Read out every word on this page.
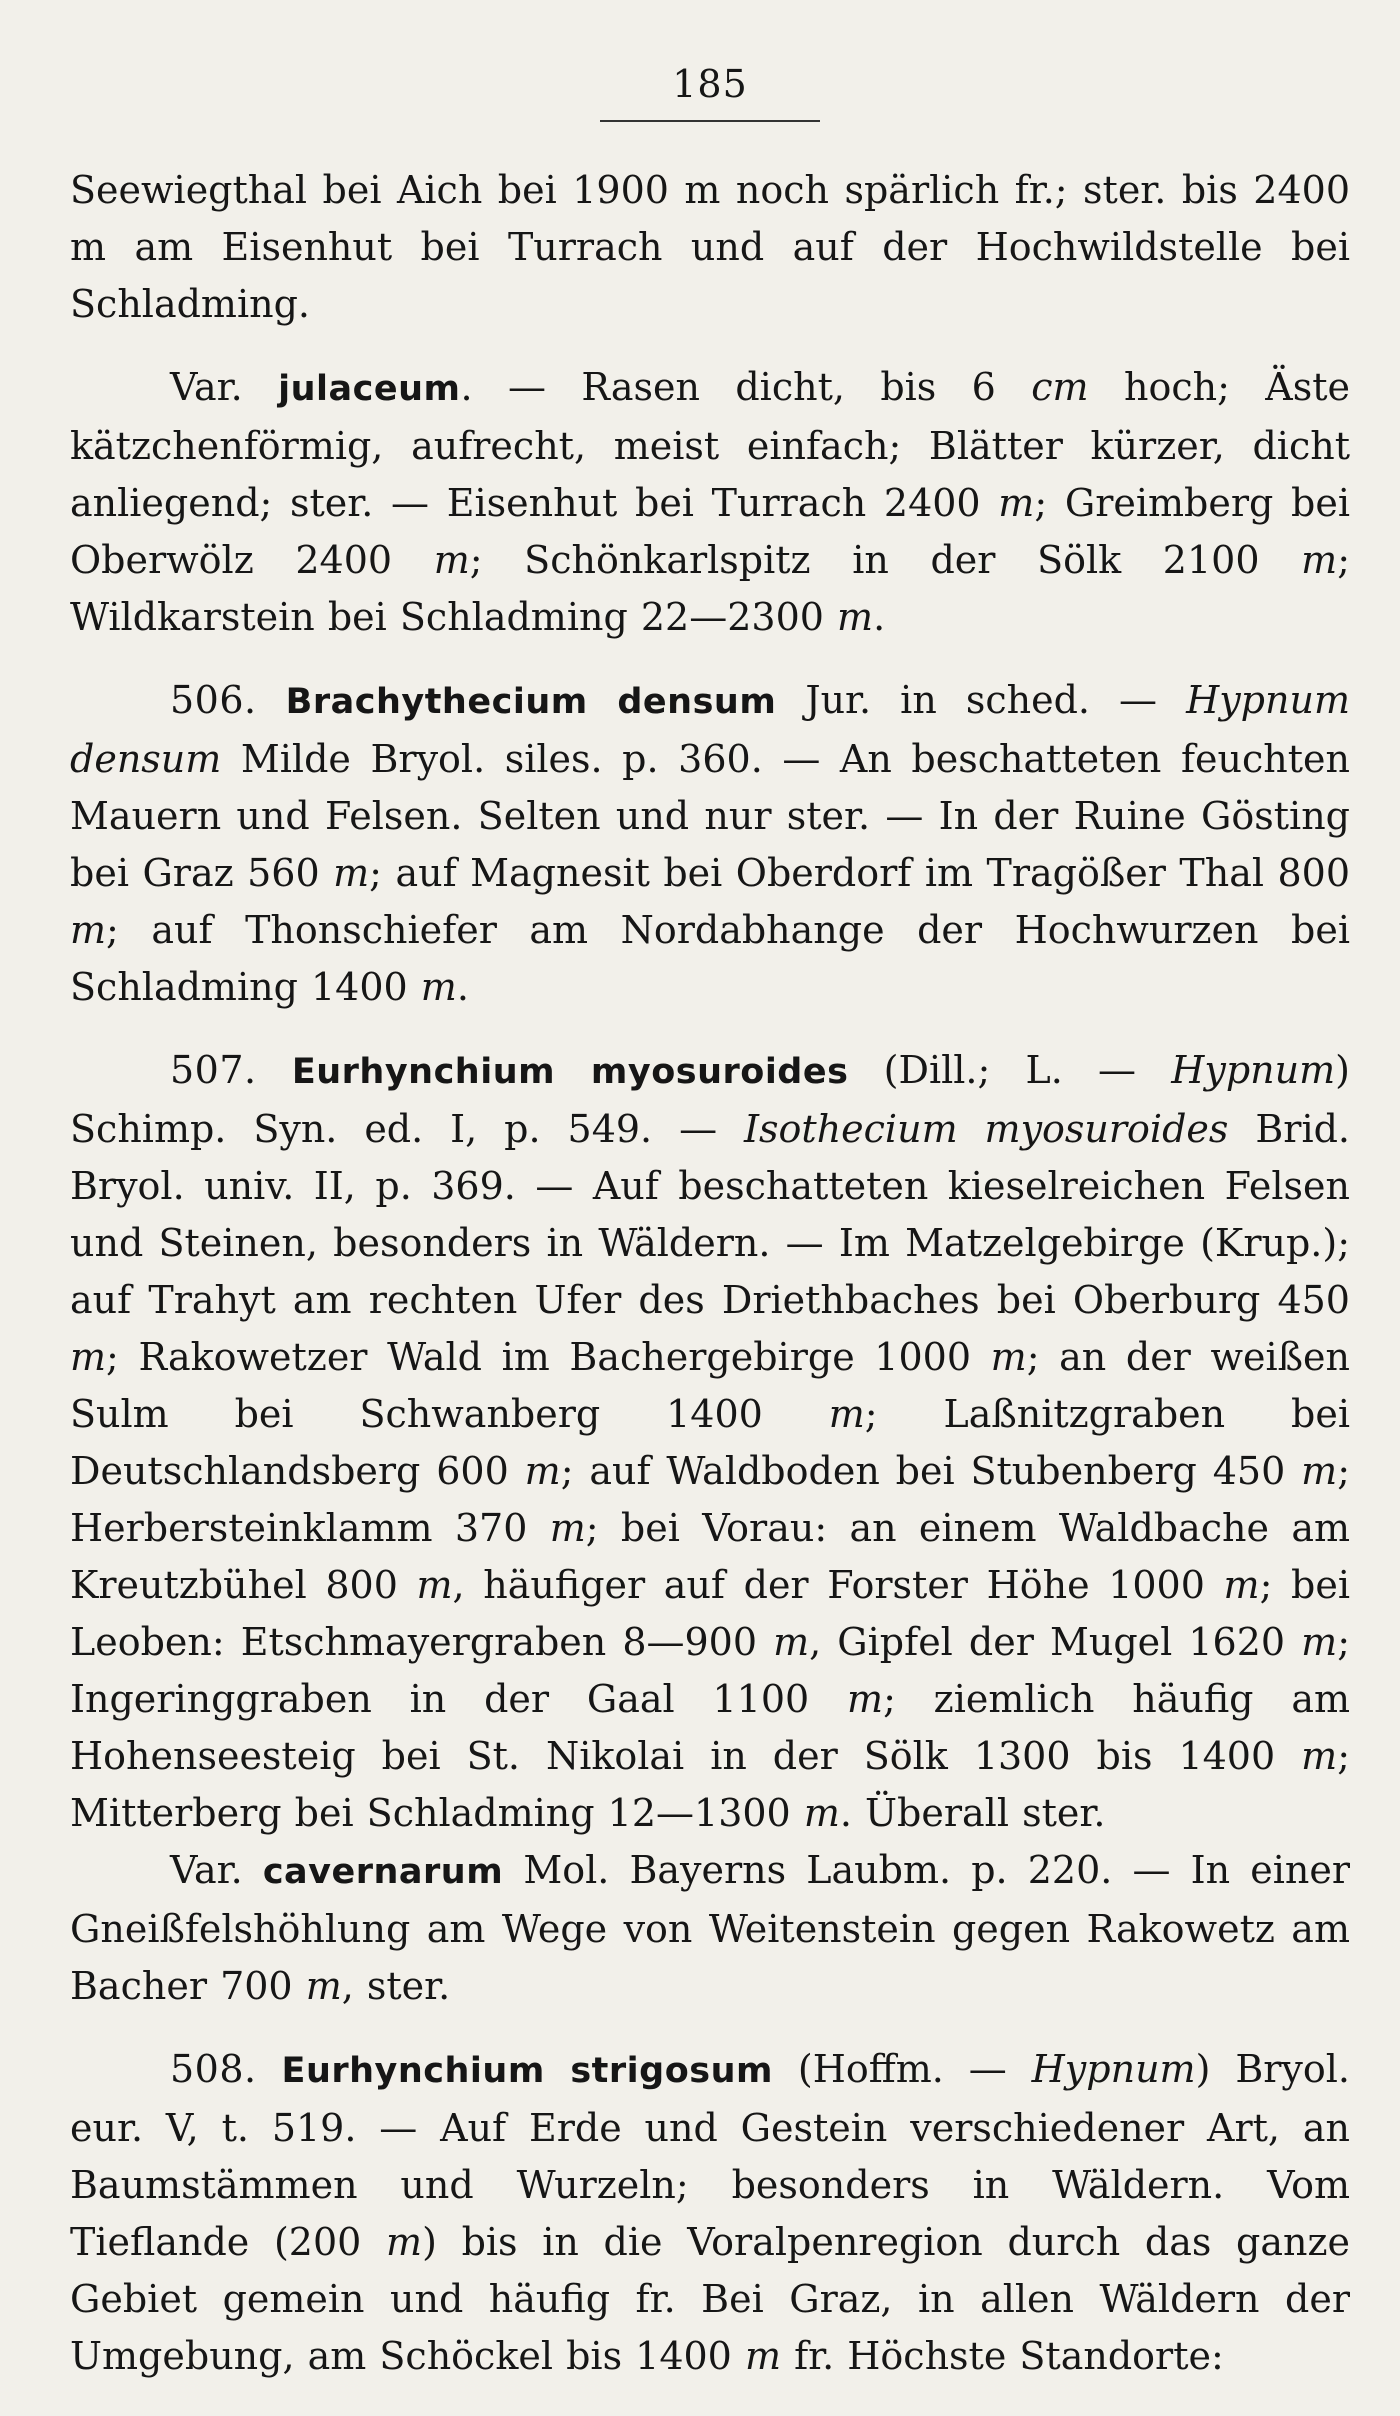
185

Seewiegthal bei Aich bei 1900 m noch spärlich fr.; ster. bis 2400 m am Eisenhut bei Turrach und auf der Hochwildstelle bei Schladming.

Var. julaceum. — Rasen dicht, bis 6 cm hoch; Äste kätzchenförmig, aufrecht, meist einfach; Blätter kürzer, dicht anliegend; ster. — Eisenhut bei Turrach 2400 m; Greimberg bei Oberwölz 2400 m; Schönkarlspitz in der Sölk 2100 m; Wildkarstein bei Schladming 22—2300 m.

506. Brachythecium densum Jur. in sched. — Hypnum densum Milde Bryol. siles. p. 360. — An beschatteten feuchten Mauern und Felsen. Selten und nur ster. — In der Ruine Gösting bei Graz 560 m; auf Magnesit bei Oberdorf im Tragößer Thal 800 m; auf Thonschiefer am Nordabhange der Hochwurzen bei Schladming 1400 m.

507. Eurhynchium myosuroides (Dill.; L. — Hypnum) Schimp. Syn. ed. I, p. 549. — Isothecium myosuroides Brid. Bryol. univ. II, p. 369. — Auf beschatteten kieselreichen Felsen und Steinen, besonders in Wäldern. — Im Matzelgebirge (Krup.); auf Trahyt am rechten Ufer des Driethbaches bei Oberburg 450 m; Rakowetzer Wald im Bachergebirge 1000 m; an der weißen Sulm bei Schwanberg 1400 m; Laßnitzgraben bei Deutschlandsberg 600 m; auf Waldboden bei Stubenberg 450 m; Herbersteinklamm 370 m; bei Vorau: an einem Waldbache am Kreutzbühel 800 m, häufiger auf der Forster Höhe 1000 m; bei Leoben: Etschmayergraben 8—900 m, Gipfel der Mugel 1620 m; Ingeringgraben in der Gaal 1100 m; ziemlich häufig am Hohenseesteig bei St. Nikolai in der Sölk 1300 bis 1400 m; Mitterberg bei Schladming 12—1300 m. Überall ster.

Var. cavernarum Mol. Bayerns Laubm. p. 220. — In einer Gneißfelshöhlung am Wege von Weitenstein gegen Rakowetz am Bacher 700 m, ster.

508. Eurhynchium strigosum (Hoffm. — Hypnum) Bryol. eur. V, t. 519. — Auf Erde und Gestein verschiedener Art, an Baumstämmen und Wurzeln; besonders in Wäldern. Vom Tieflande (200 m) bis in die Voralpenregion durch das ganze Gebiet gemein und häufig fr. Bei Graz, in allen Wäldern der Umgebung, am Schöckel bis 1400 m fr. Höchste Standorte:
